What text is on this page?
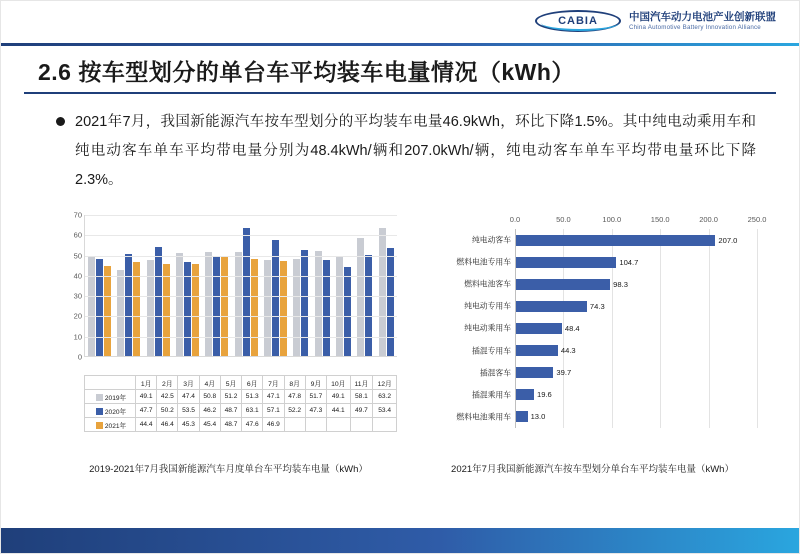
CABIA	中国汽车动力电池产业创新联盟
China Automotive Battery Innovation Alliance
2.6 按车型划分的单台车平均装车电量情况（kWh）
2021年7月，我国新能源汽车按车型划分的平均装车电量46.9kWh，环比下降1.5%。其中纯电动乘用车和纯电动客车单车平均带电量分别为48.4kWh/辆和207.0kWh/辆，纯电动客车单车平均带电量环比下降2.3%。
0
10
20
30
40
50
60
70
	1月	2月	3月	4月	5月	6月	7月	8月	9月	10月	11月	12月
2019年	49.1	42.5	47.4	50.8	51.2	51.3	47.1	47.8	51.7	49.1	58.1	63.2
2020年	47.7	50.2	53.5	46.2	48.7	63.1	57.1	52.2	47.3	44.1	49.7	53.4
2021年	44.4	46.4	45.3	45.4	48.7	47.6	46.9					
2019-2021年7月我国新能源汽车月度单台车平均装车电量（kWh）
0.0	50.0	100.0	150.0	200.0	250.0
纯电动客车
燃料电池专用车
燃料电池客车
纯电动专用车
纯电动乘用车
插混专用车
插混客车
插混乘用车
燃料电池乘用车
207.0
104.7
98.3
74.3
48.4
44.3
39.7
19.6
13.0
2021年7月我国新能源汽车按车型划分单台车平均装车电量（kWh）
